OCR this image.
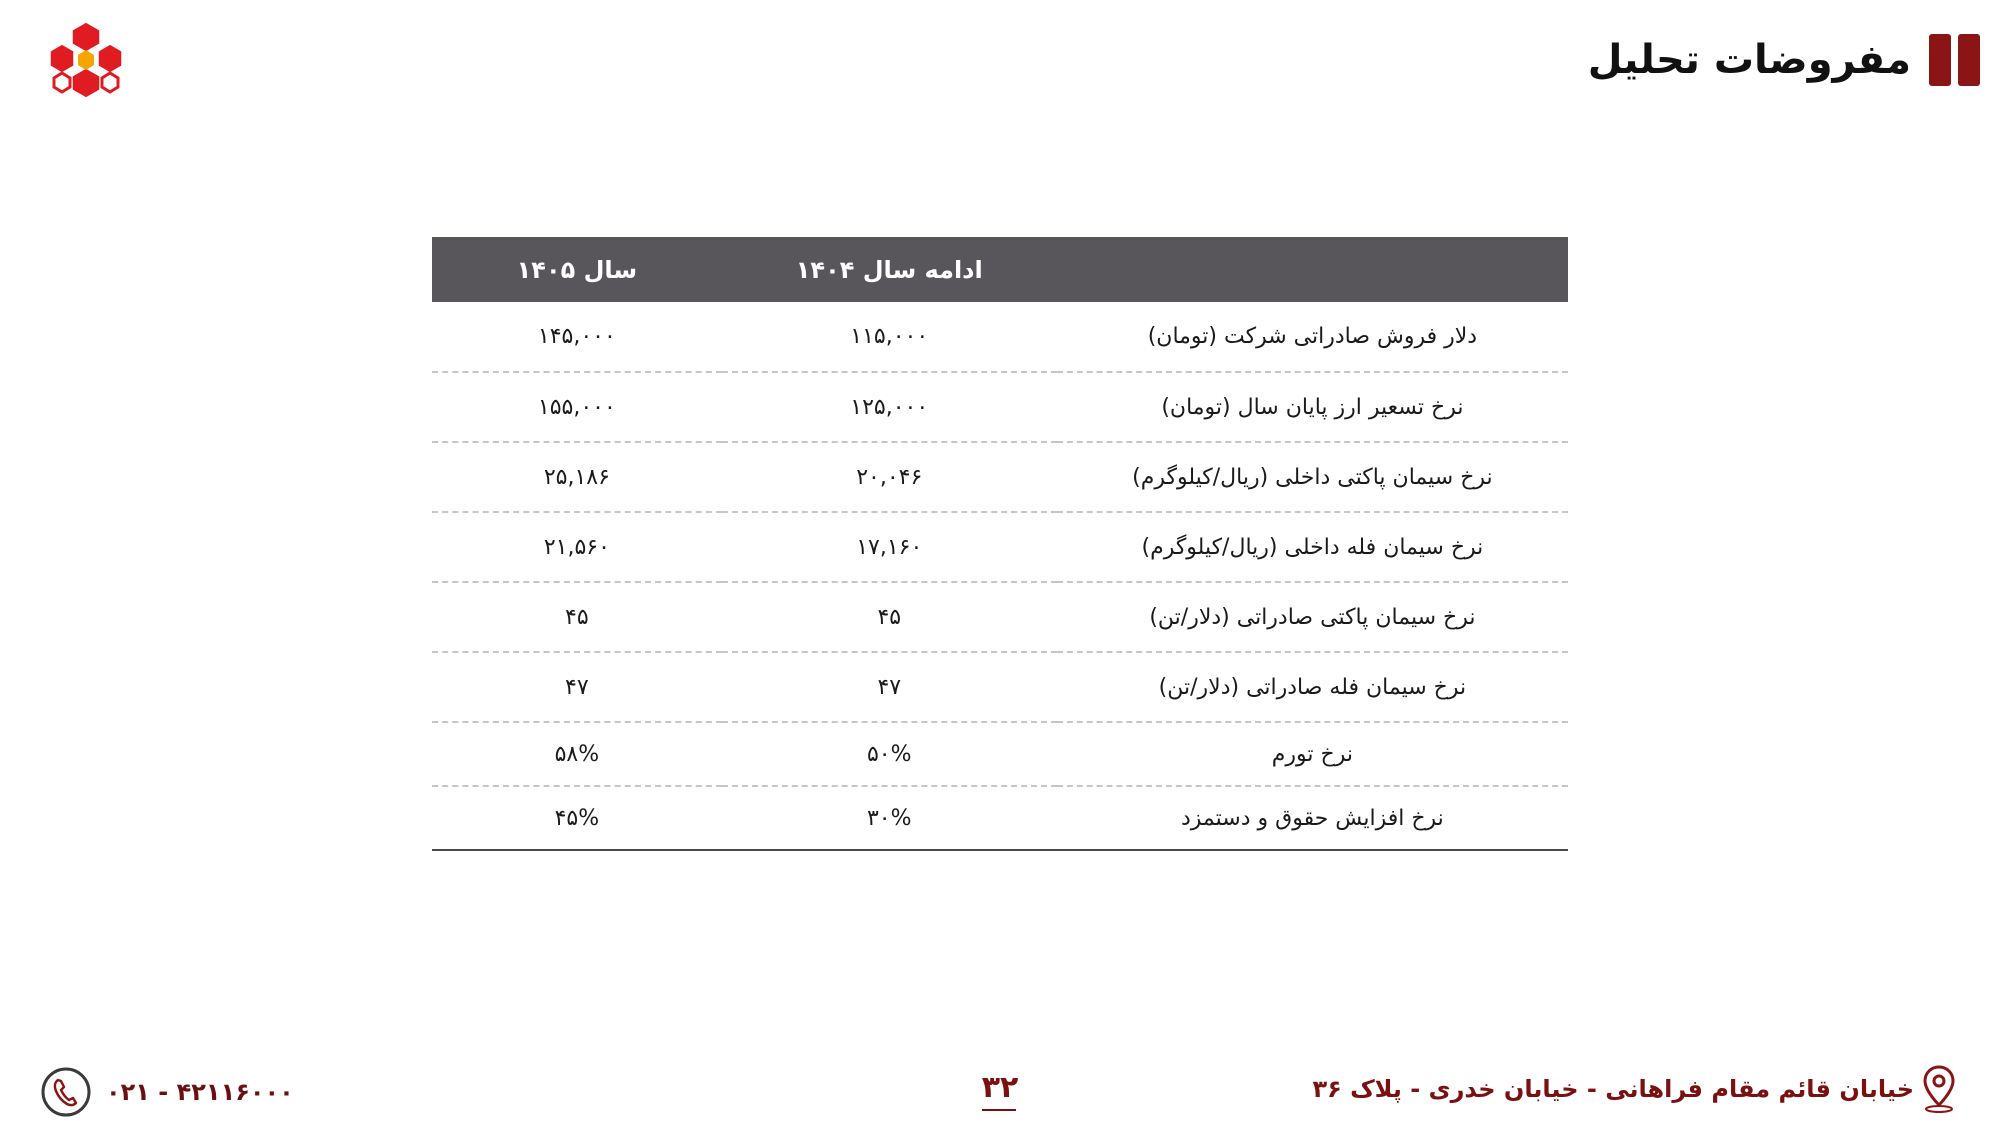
مفروضات تحلیل
	ادامه سال ۱۴۰۴	سال ۱۴۰۵
دلار فروش صادراتی شرکت (تومان)	۱۱۵,۰۰۰	۱۴۵,۰۰۰
نرخ تسعیر ارز پایان سال (تومان)	۱۲۵,۰۰۰	۱۵۵,۰۰۰
نرخ سیمان پاکتی داخلی (ریال/کیلوگرم)	۲۰,۰۴۶	۲۵,۱۸۶
نرخ سیمان فله داخلی (ریال/کیلوگرم)	۱۷,۱۶۰	۲۱,۵۶۰
نرخ سیمان پاکتی صادراتی (دلار/تن)	۴۵	۴۵
نرخ سیمان فله صادراتی (دلار/تن)	۴۷	۴۷
نرخ تورم	۵۰%	۵۸%
نرخ افزایش حقوق و دستمزد	۳۰%	۴۵%
خیابان قائم مقام فراهانی - خیابان خدری - پلاک ۳۶
۳۲
۰۲۱ - ۴۲۱۱۶۰۰۰
